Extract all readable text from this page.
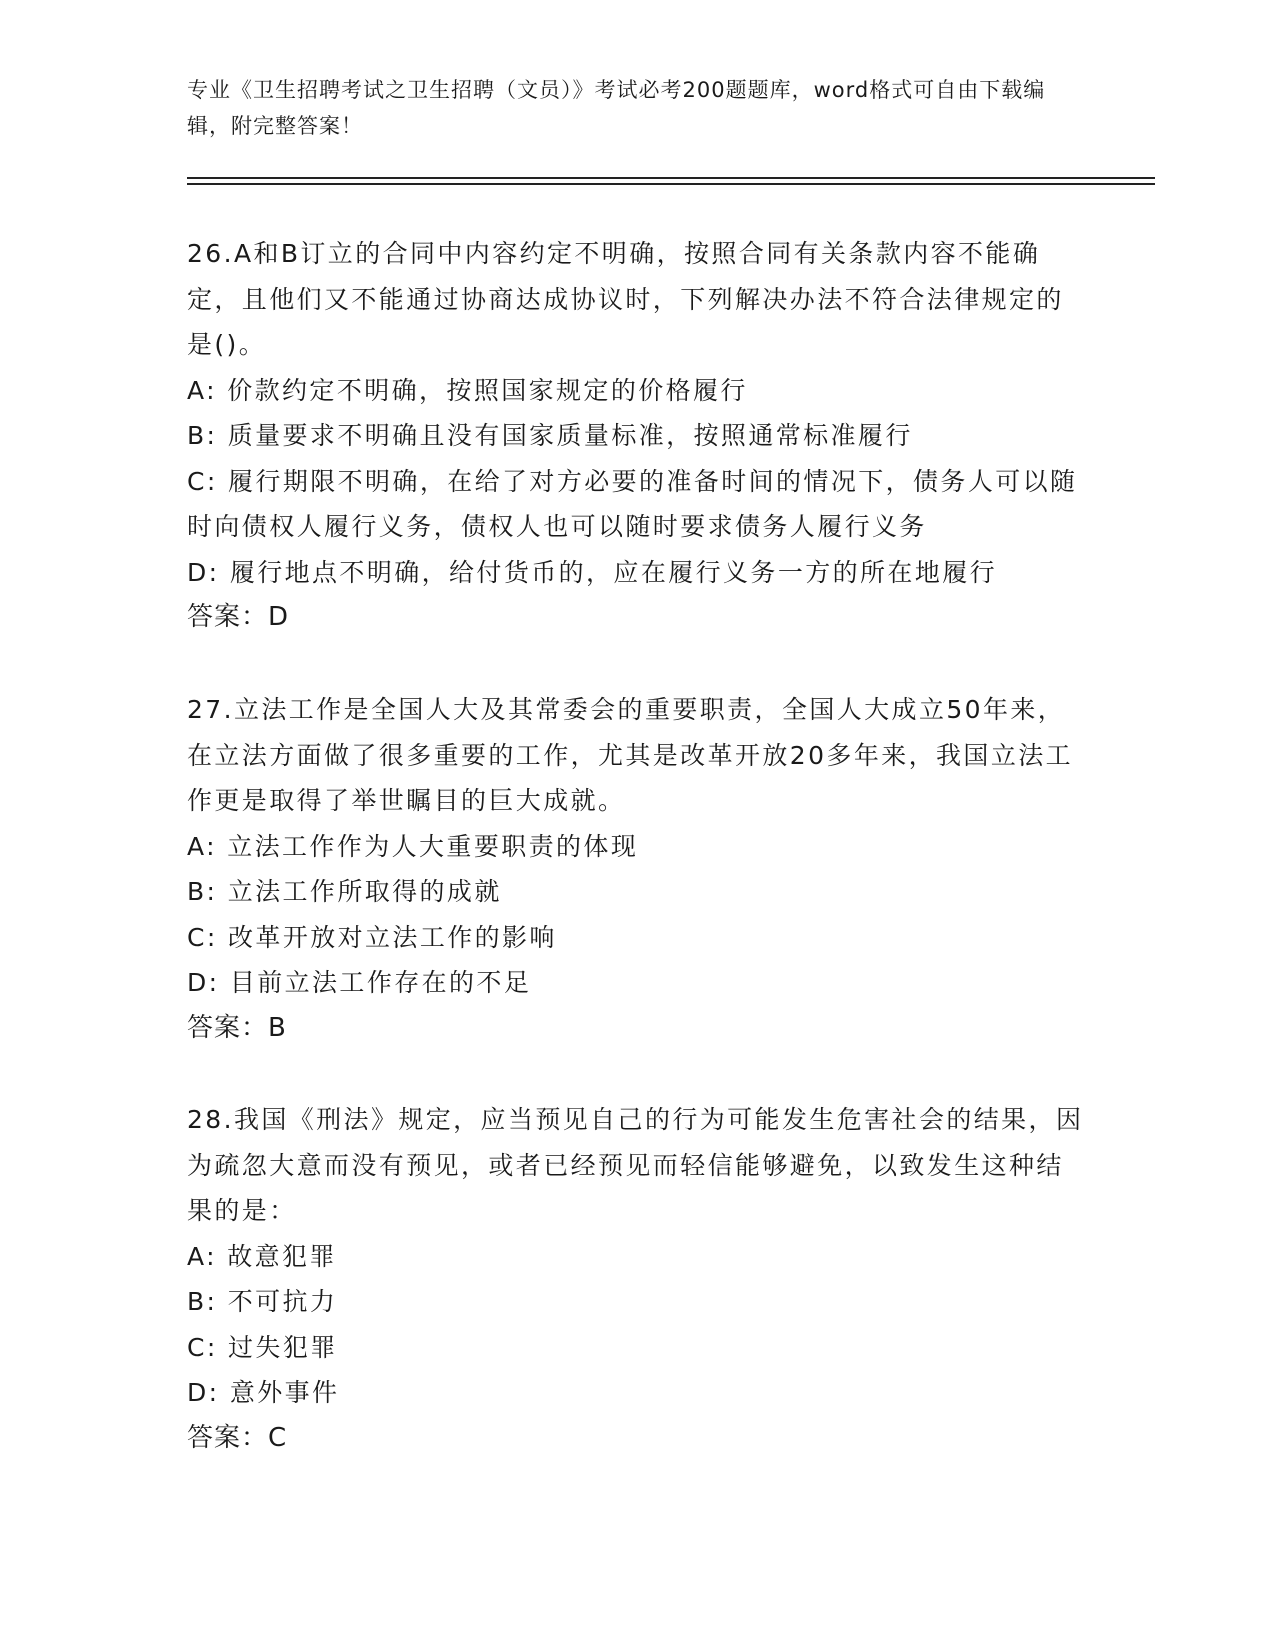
专业《卫生招聘考试之卫生招聘（文员）》考试必考200题题库，word格式可自由下载编辑，附完整答案！

26.A和B订立的合同中内容约定不明确，按照合同有关条款内容不能确定，且他们又不能通过协商达成协议时，下列解决办法不符合法律规定的是()。

A: 价款约定不明确，按照国家规定的价格履行

B: 质量要求不明确且没有国家质量标准，按照通常标准履行

C: 履行期限不明确，在给了对方必要的准备时间的情况下，债务人可以随时向债权人履行义务，债权人也可以随时要求债务人履行义务

D: 履行地点不明确，给付货币的，应在履行义务一方的所在地履行

答案：D

27.立法工作是全国人大及其常委会的重要职责，全国人大成立50年来，在立法方面做了很多重要的工作，尤其是改革开放20多年来，我国立法工作更是取得了举世瞩目的巨大成就。

A: 立法工作作为人大重要职责的体现

B: 立法工作所取得的成就

C: 改革开放对立法工作的影响

D: 目前立法工作存在的不足

答案：B

28.我国《刑法》规定，应当预见自己的行为可能发生危害社会的结果，因为疏忽大意而没有预见，或者已经预见而轻信能够避免，以致发生这种结果的是：

A: 故意犯罪

B: 不可抗力

C: 过失犯罪

D: 意外事件

答案：C
